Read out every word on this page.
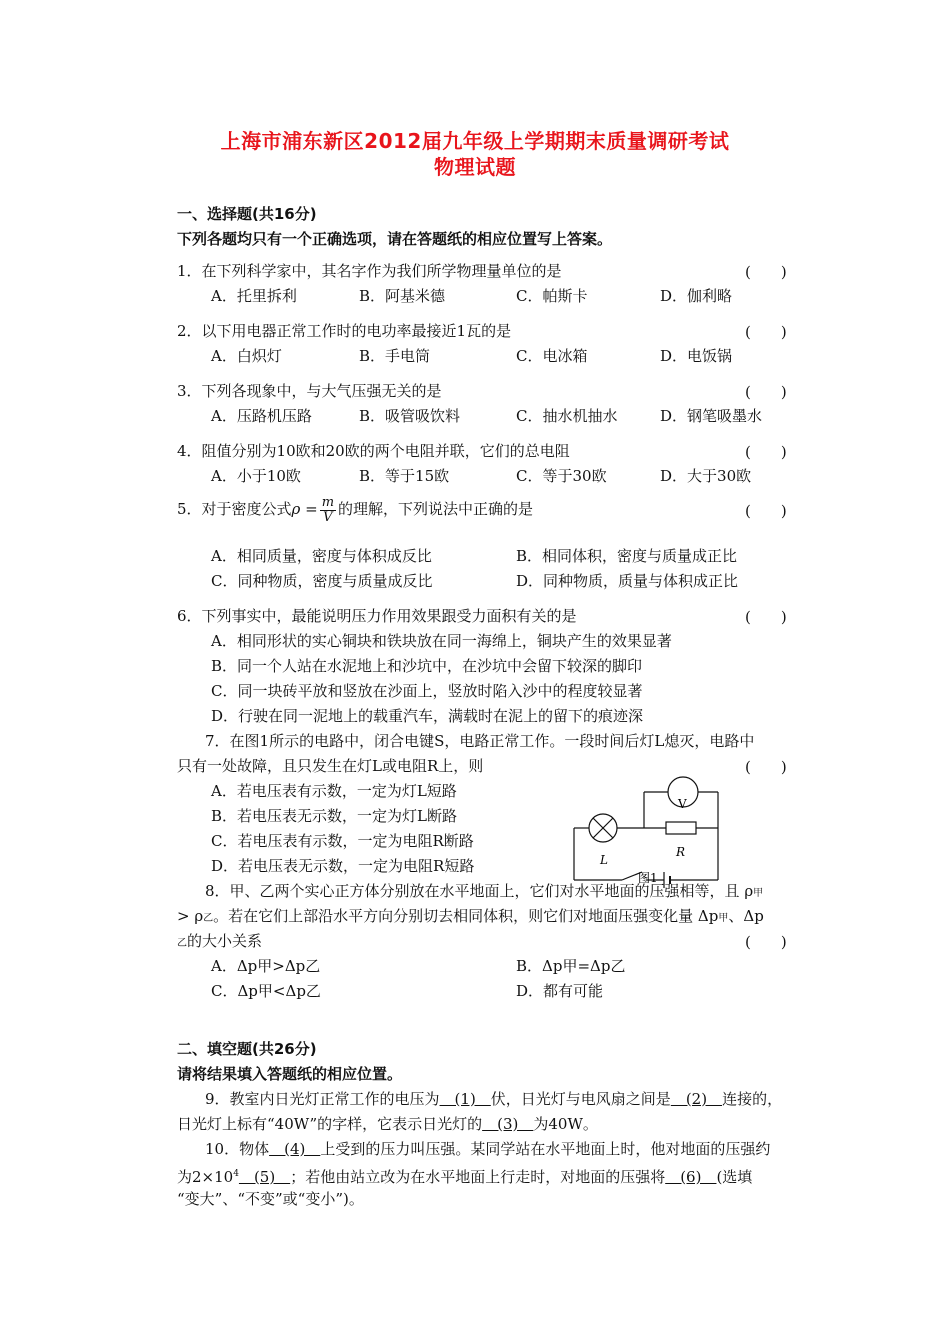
上海市浦东新区2012届九年级上学期期末质量调研考试
物理试题
一、选择题(共16分)
下列各题均只有一个正确选项，请在答题纸的相应位置写上答案。
1．在下列科学家中，其名字作为我们所学物理量单位的是	(　　)
A．托里拆利	B．阿基米德	C．帕斯卡	D．伽利略
2．以下用电器正常工作时的电功率最接近1瓦的是	(　　)
A．白炽灯	B．手电筒	C．电冰箱	D．电饭锅
3．下列各现象中，与大气压强无关的是	(　　)
A．压路机压路	B．吸管吸饮料	C．抽水机抽水	D．钢笔吸墨水
4．阻值分别为10欧和20欧的两个电阻并联，它们的总电阻	(　　)
A．小于10欧	B．等于15欧	C．等于30欧	D．大于30欧
5．对于密度公式$\rho = \frac{m}{V}$ 的理解，下列说法中正确的是	(　　)
A．相同质量，密度与体积成反比	B．相同体积，密度与质量成正比
C．同种物质，密度与质量成反比	D．同种物质，质量与体积成正比
6．下列事实中，最能说明压力作用效果跟受力面积有关的是	(　　)
A．相同形状的实心铜块和铁块放在同一海绵上，铜块产生的效果显著
B．同一个人站在水泥地上和沙坑中，在沙坑中会留下较深的脚印
C．同一块砖平放和竖放在沙面上，竖放时陷入沙中的程度较显著
D．行驶在同一泥地上的载重汽车，满载时在泥上的留下的痕迹深
7．在图1所示的电路中，闭合电键S，电路正常工作。一段时间后灯L熄灭，电路中
只有一处故障，且只发生在灯L或电阻R上，则	(　　)
A．若电压表有示数，一定为灯L短路
B．若电压表无示数，一定为灯L断路
C．若电压表有示数，一定为电阻R断路
D．若电压表无示数，一定为电阻R短路
V
R
L
图1
8．甲、乙两个实心正方体分别放在水平地面上，它们对水平地面的压强相等，且 ρ甲
> ρ乙。若在它们上部沿水平方向分别切去相同体积，则它们对地面压强变化量 Δp甲、Δp
乙的大小关系	(　　)
A．Δp甲>Δp乙	B．Δp甲=Δp乙
C．Δp甲<Δp乙	D．都有可能
二、填空题(共26分)
请将结果填入答题纸的相应位置。
9．教室内日光灯正常工作的电压为　(1)　伏，日光灯与电风扇之间是　(2)　连接的，
日光灯上标有“40W”的字样，它表示日光灯的　(3)　为40W。
10．物体　(4)　上受到的压力叫压强。某同学站在水平地面上时，他对地面的压强约
为$2\times 10^4$　(5)　；若他由站立改为在水平地面上行走时，对地面的压强将　(6)　(选填
“变大”、“不变”或“变小”)。
